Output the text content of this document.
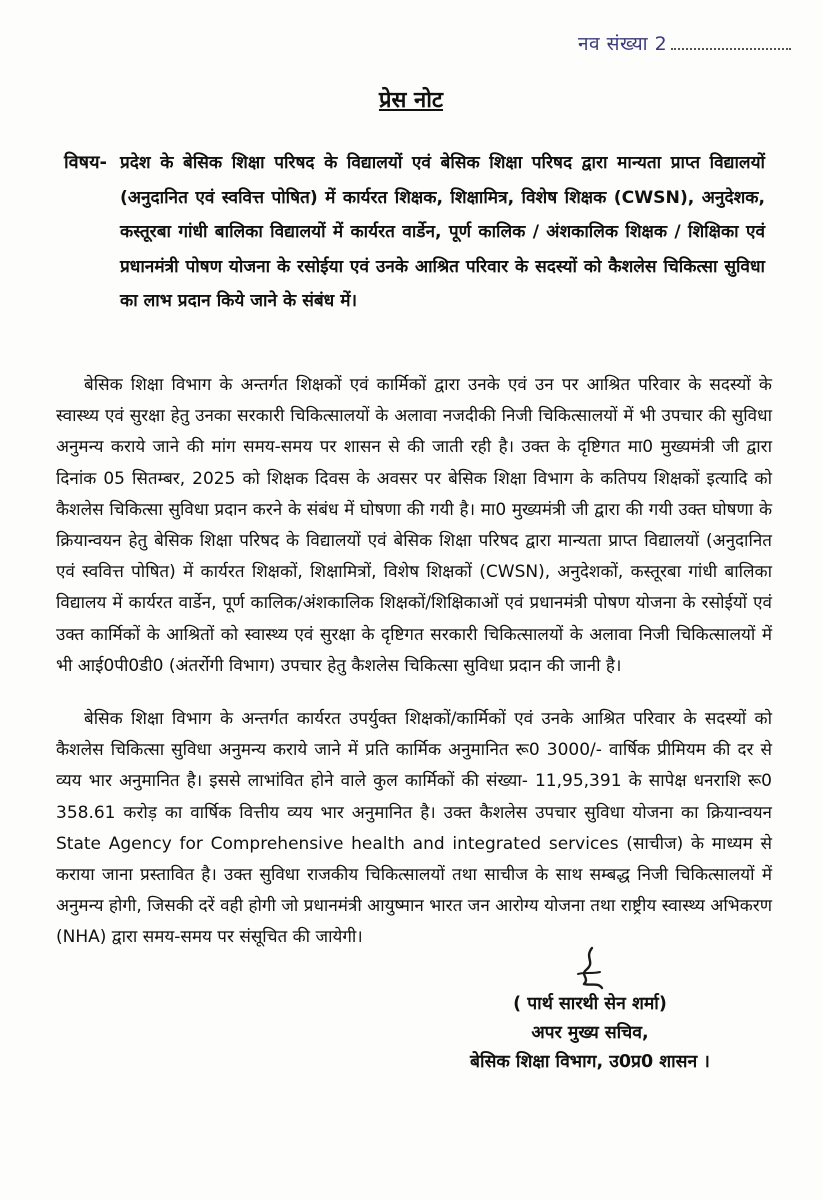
नव संख्या 2
प्रेस नोट
विषय- प्रदेश के बेसिक शिक्षा परिषद के विद्यालयों एवं बेसिक शिक्षा परिषद द्वारा मान्यता प्राप्त विद्यालयों (अनुदानित एवं स्ववित्त पोषित) में कार्यरत शिक्षक, शिक्षामित्र, विशेष शिक्षक (CWSN), अनुदेशक, कस्तूरबा गांधी बालिका विद्यालयों में कार्यरत वार्डेन, पूर्ण कालिक / अंशकालिक शिक्षक / शिक्षिका एवं प्रधानमंत्री पोषण योजना के रसोईया एवं उनके आश्रित परिवार के सदस्यों को कैशलेस चिकित्सा सुविधा का लाभ प्रदान किये जाने के संबंध में।
बेसिक शिक्षा विभाग के अन्तर्गत शिक्षकों एवं कार्मिकों द्वारा उनके एवं उन पर आश्रित परिवार के सदस्यों के स्वास्थ्य एवं सुरक्षा हेतु उनका सरकारी चिकित्सालयों के अलावा नजदीकी निजी चिकित्सालयों में भी उपचार की सुविधा अनुमन्य कराये जाने की मांग समय-समय पर शासन से की जाती रही है। उक्त के दृष्टिगत मा0 मुख्यमंत्री जी द्वारा दिनांक 05 सितम्बर, 2025 को शिक्षक दिवस के अवसर पर बेसिक शिक्षा विभाग के कतिपय शिक्षकों इत्यादि को कैशलेस चिकित्सा सुविधा प्रदान करने के संबंध में घोषणा की गयी है। मा0 मुख्यमंत्री जी द्वारा की गयी उक्त घोषणा के क्रियान्वयन हेतु बेसिक शिक्षा परिषद के विद्यालयों एवं बेसिक शिक्षा परिषद द्वारा मान्यता प्राप्त विद्यालयों (अनुदानित एवं स्ववित्त पोषित) में कार्यरत शिक्षकों, शिक्षामित्रों, विशेष शिक्षकों (CWSN), अनुदेशकों, कस्तूरबा गांधी बालिका विद्यालय में कार्यरत वार्डेन, पूर्ण कालिक/अंशकालिक शिक्षकों/शिक्षिकाओं एवं प्रधानमंत्री पोषण योजना के रसोईयों एवं उक्त कार्मिकों के आश्रितों को स्वास्थ्य एवं सुरक्षा के दृष्टिगत सरकारी चिकित्सालयों के अलावा निजी चिकित्सालयों में भी आई0पी0डी0 (अंतर्रोगी विभाग) उपचार हेतु कैशलेस चिकित्सा सुविधा प्रदान की जानी है।
बेसिक शिक्षा विभाग के अन्तर्गत कार्यरत उपर्युक्त शिक्षकों/कार्मिकों एवं उनके आश्रित परिवार के सदस्यों को कैशलेस चिकित्सा सुविधा अनुमन्य कराये जाने में प्रति कार्मिक अनुमानित रू0 3000/- वार्षिक प्रीमियम की दर से व्यय भार अनुमानित है। इससे लाभांवित होने वाले कुल कार्मिकों की संख्या- 11,95,391 के सापेक्ष धनराशि रू0 358.61 करोड़ का वार्षिक वित्तीय व्यय भार अनुमानित है। उक्त कैशलेस उपचार सुविधा योजना का क्रियान्वयन State Agency for Comprehensive health and integrated services (साचीज) के माध्यम से कराया जाना प्रस्तावित है। उक्त सुविधा राजकीय चिकित्सालयों तथा साचीज के साथ सम्बद्ध निजी चिकित्सालयों में अनुमन्य होगी, जिसकी दरें वही होगी जो प्रधानमंत्री आयुष्मान भारत जन आरोग्य योजना तथा राष्ट्रीय स्वास्थ्य अभिकरण (NHA) द्वारा समय-समय पर संसूचित की जायेगी।
( पार्थ सारथी सेन शर्मा)
अपर मुख्य सचिव,
बेसिक शिक्षा विभाग, उ0प्र0 शासन ।
